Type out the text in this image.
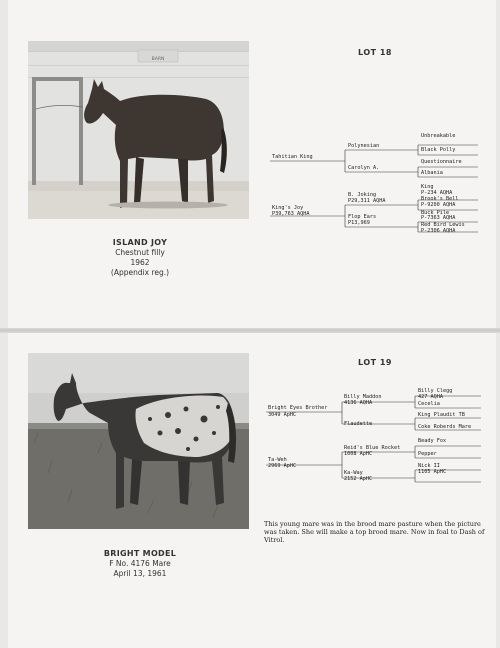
BARN
ISLAND JOY
Chestnut filly
1962
(Appendix reg.)
LOT 18
BRIGHT MODEL
F No. 4176 Mare
April 13, 1961
LOT 19
This young mare was in the brood mare pasture when the picture was taken. She will make a top brood mare. Now in foal to Dash of Vitrol.
Tahitian King
King's Joy
P39,763 AQHA
Polynesian
Carolyn A.
B. Joking
P29,311 AQHA
Flop Ears
P13,969
Unbreakable
Black Polly
Questionnaire
Albania
King
P-234 AQHA
Brook's Bell
P-9200 AQHA
Buck Pile
P-7363 AQHA
Red Bird Lewis
P-2306 AQHA
Bright Eyes Brother
3049 ApHC
Ta-Weh
2969 ApHC
Billy Maddon
4136 AQHA
Flaudette
Reid's Blue Rocket
1008 ApHC
Ka-Way
2152 ApHC
Billy Clegg
427 AQHA
Cecelia
King Plaudit TB
Coke Roberds Mare
Beady Fox
Pepper
Nick II
1105 ApHC
